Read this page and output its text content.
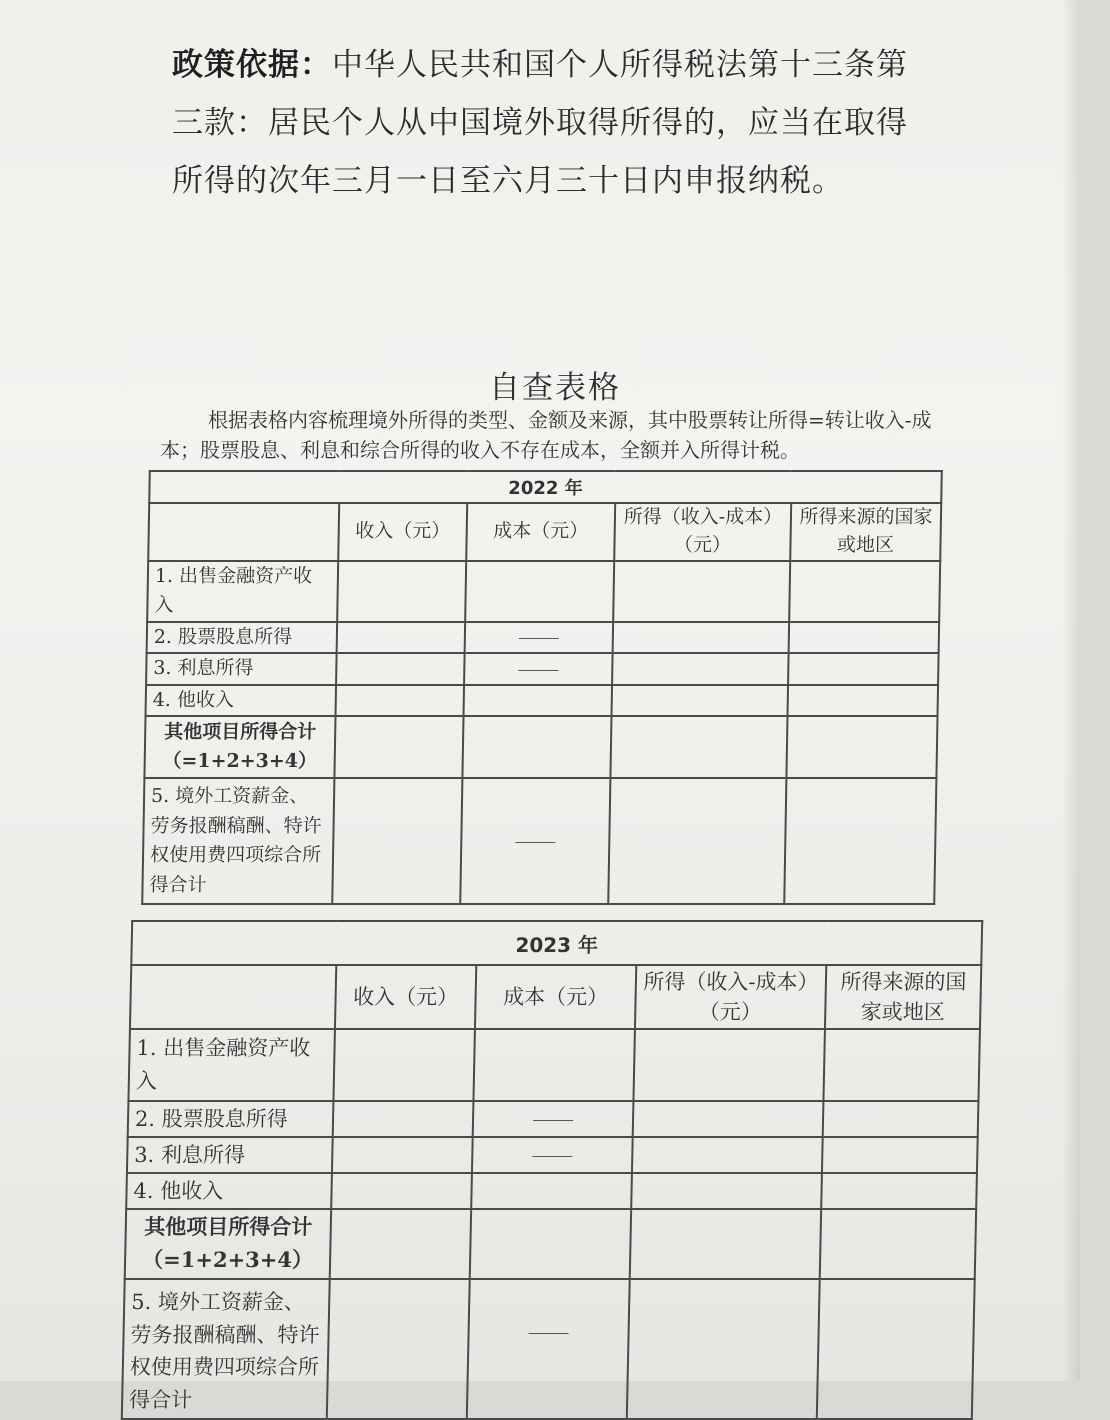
政策依据：中华人民共和国个人所得税法第十三条第三款：居民个人从中国境外取得所得的，应当在取得所得的次年三月一日至六月三十日内申报纳税。
自查表格
根据表格内容梳理境外所得的类型、金额及来源，其中股票转让所得=转让收入-成本；股票股息、利息和综合所得的收入不存在成本，全额并入所得计税。
2022 年				
	收入（元）	成本（元）	所得（收入-成本）（元）	所得来源的国家或地区
1. 出售金融资产收入				
2. 股票股息所得				
3. 利息所得				
4. 他收入				
其他项目所得合计（=1+2+3+4）				
5. 境外工资薪金、劳务报酬稿酬、特许权使用费四项综合所得合计				
2023 年				
	收入（元）	成本（元）	所得（收入-成本）（元）	所得来源的国家或地区
1. 出售金融资产收入				
2. 股票股息所得				
3. 利息所得				
4. 他收入				
其他项目所得合计（=1+2+3+4）				
5. 境外工资薪金、劳务报酬稿酬、特许权使用费四项综合所得合计				
